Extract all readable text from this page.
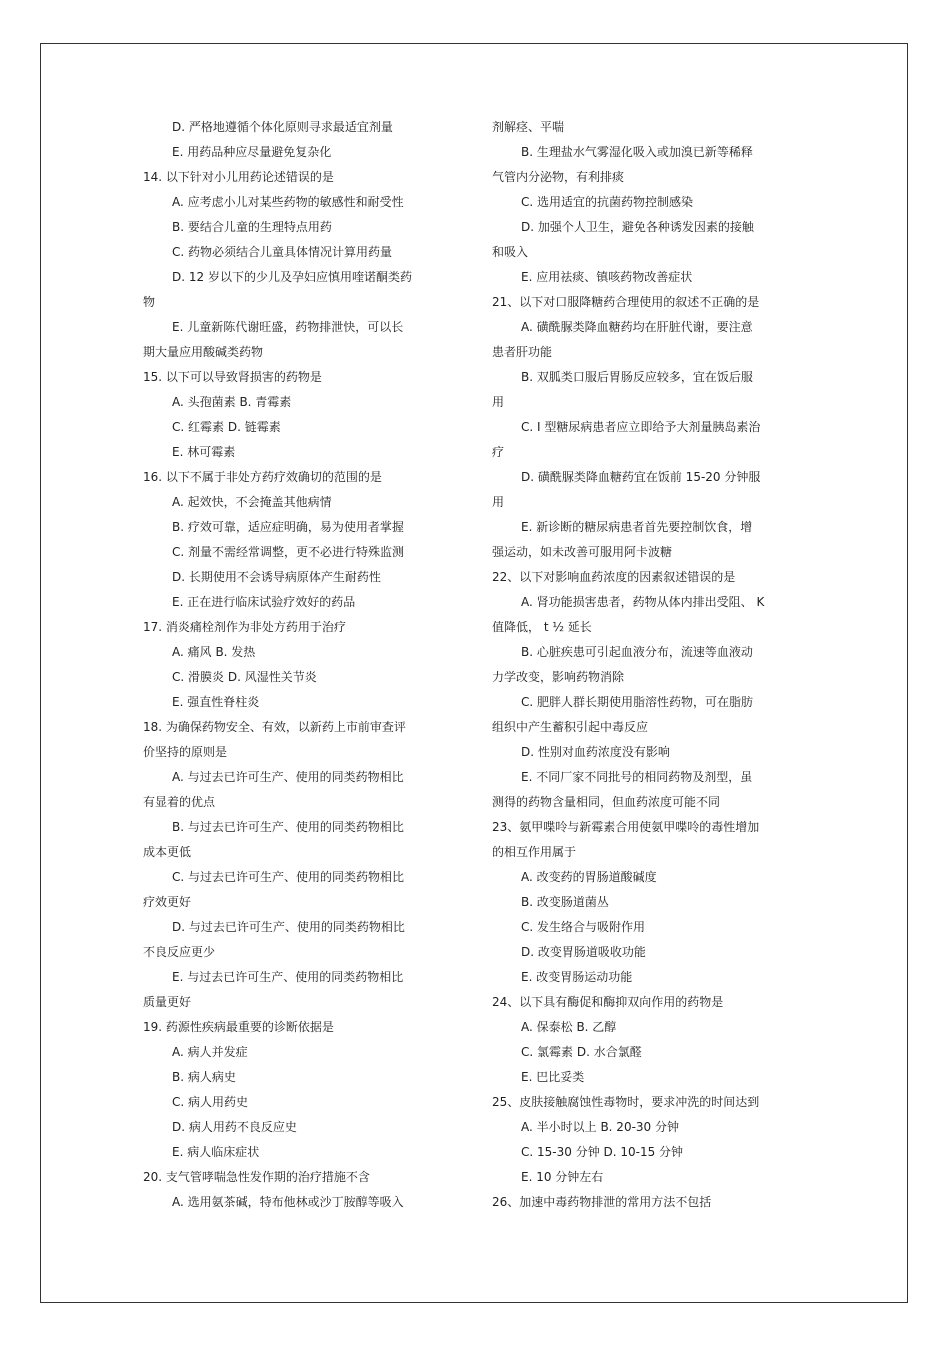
D. 严格地遵循个体化原则寻求最适宜剂量
E. 用药品种应尽量避免复杂化
14. 以下针对小儿用药论述错误的是
A. 应考虑小儿对某些药物的敏感性和耐受性
B. 要结合儿童的生理特点用药
C. 药物必须结合儿童具体情况计算用药量
D. 12 岁以下的少儿及孕妇应慎用喹诺酮类药
物
E. 儿童新陈代谢旺盛，药物排泄快，可以长
期大量应用酸碱类药物
15. 以下可以导致肾损害的药物是
A. 头孢菌素 B. 青霉素
C. 红霉素 D. 链霉素
E. 林可霉素
16. 以下不属于非处方药疗效确切的范围的是
A. 起效快，不会掩盖其他病情
B. 疗效可靠，适应症明确，易为使用者掌握
C. 剂量不需经常调整，更不必进行特殊监测
D. 长期使用不会诱导病原体产生耐药性
E. 正在进行临床试验疗效好的药品
17. 消炎痛栓剂作为非处方药用于治疗
A. 痛风 B. 发热
C. 滑膜炎 D. 风湿性关节炎
E. 强直性脊柱炎
18. 为确保药物安全、有效，以新药上市前审查评
价坚持的原则是
A. 与过去已许可生产、使用的同类药物相比
有显着的优点
B. 与过去已许可生产、使用的同类药物相比
成本更低
C. 与过去已许可生产、使用的同类药物相比
疗效更好
D. 与过去已许可生产、使用的同类药物相比
不良反应更少
E. 与过去已许可生产、使用的同类药物相比
质量更好
19. 药源性疾病最重要的诊断依据是
A. 病人并发症
B. 病人病史
C. 病人用药史
D. 病人用药不良反应史
E. 病人临床症状
20. 支气管哮喘急性发作期的治疗措施不含
A. 选用氨茶碱，特布他林或沙丁胺醇等吸入
剂解痉、平喘
B. 生理盐水气雾湿化吸入或加溴已新等稀释
气管内分泌物，有利排痰
C. 选用适宜的抗菌药物控制感染
D. 加强个人卫生，避免各种诱发因素的接触
和吸入
E. 应用祛痰、镇咳药物改善症状
21、以下对口服降糖药合理使用的叙述不正确的是
A. 磺酰脲类降血糖药均在肝脏代谢，要注意
患者肝功能
B. 双胍类口服后胃肠反应较多，宜在饭后服
用
C. Ⅰ 型糖尿病患者应立即给予大剂量胰岛素治
疗
D. 磺酰脲类降血糖药宜在饭前 15-20 分钟服
用
E. 新诊断的糖尿病患者首先要控制饮食，增
强运动，如未改善可服用阿卡波糖
22、以下对影响血药浓度的因素叙述错误的是
A. 肾功能损害患者，药物从体内排出受阻、 K
值降低， t ½ 延长
B. 心脏疾患可引起血液分布，流速等血液动
力学改变，影响药物消除
C. 肥胖人群长期使用脂溶性药物，可在脂肪
组织中产生蓄积引起中毒反应
D. 性别对血药浓度没有影响
E. 不同厂家不同批号的相同药物及剂型，虽
测得的药物含量相同，但血药浓度可能不同
23、氨甲喋呤与新霉素合用使氨甲喋呤的毒性增加
的相互作用属于
A. 改变药的胃肠道酸碱度
B. 改变肠道菌丛
C. 发生络合与吸附作用
D. 改变胃肠道吸收功能
E. 改变胃肠运动功能
24、以下具有酶促和酶抑双向作用的药物是
A. 保泰松 B. 乙醇
C. 氯霉素 D. 水合氯醛
E. 巴比妥类
25、皮肤接触腐蚀性毒物时，要求冲洗的时间达到
A. 半小时以上 B. 20-30 分钟
C. 15-30 分钟 D. 10-15 分钟
E. 10 分钟左右
26、加速中毒药物排泄的常用方法不包括
